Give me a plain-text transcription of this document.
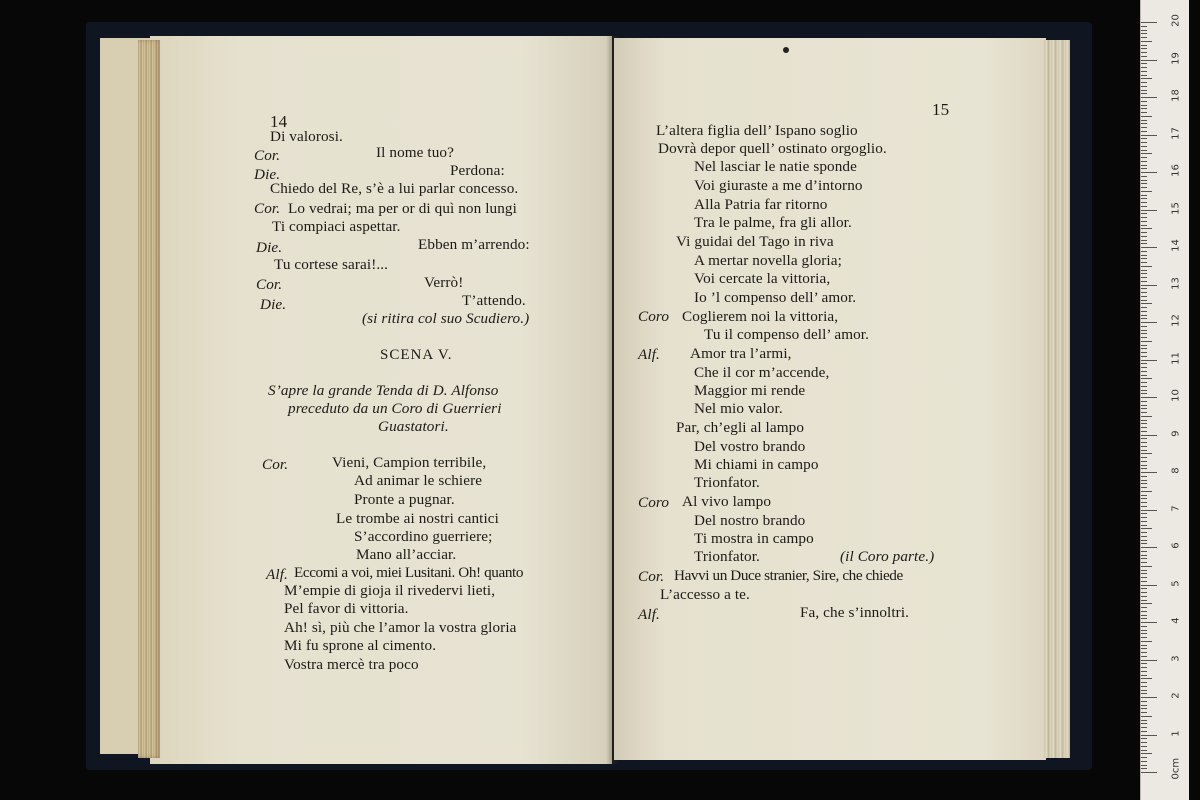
14
Di valorosi.
Cor.	Il nome tuo?
Die.	Perdona:
Chiedo del Re, s’è a lui parlar concesso.
Cor. Lo vedrai; ma per or di quì non lungi
Ti compiaci aspettar.
Die.	Ebben m’arrendo:
Tu cortese sarai!...
Cor.	Verrò!
Die.	T’attendo.
(si ritira col suo Scudiero.)
SCENA V.
S’apre la grande Tenda di D. Alfonso
preceduto da un Coro di Guerrieri
Guastatori.
Cor.	Vieni, Campion terribile,
Ad animar le schiere
Pronte a pugnar.
Le trombe ai nostri cantici
S’accordino guerriere;
Mano all’acciar.
Alf. Eccomi a voi, miei Lusitani. Oh! quanto
M’empie di gioja il rivedervi lieti,
Pel favor di vittoria.
Ah! sì, più che l’amor la vostra gloria
Mi fu sprone al cimento.
Vostra mercè tra poco
15
L’altera figlia dell’ Ispano soglio
Dovrà depor quell’ ostinato orgoglio.
Nel lasciar le natie sponde
Voi giuraste a me d’intorno
Alla Patria far ritorno
Tra le palme, fra gli allor.
Vi guidai del Tago in riva
A mertar novella gloria;
Voi cercate la vittoria,
Io ’l compenso dell’ amor.
Coro Coglierem noi la vittoria,
Tu il compenso dell’ amor.
Alf. Amor tra l’armi,
Che il cor m’accende,
Maggior mi rende
Nel mio valor.
Par, ch’egli al lampo
Del vostro brando
Mi chiami in campo
Trionfator.
Coro Al vivo lampo
Del nostro brando
Ti mostra in campo
Trionfator.	(il Coro parte.)
Cor. Havvi un Duce stranier, Sire, che chiede
L’accesso a te.
Alf.	Fa, che s’innoltri.
0cm
1
2
3
4
5
6
7
8
9
10
11
12
13
14
15
16
17
18
19
20
